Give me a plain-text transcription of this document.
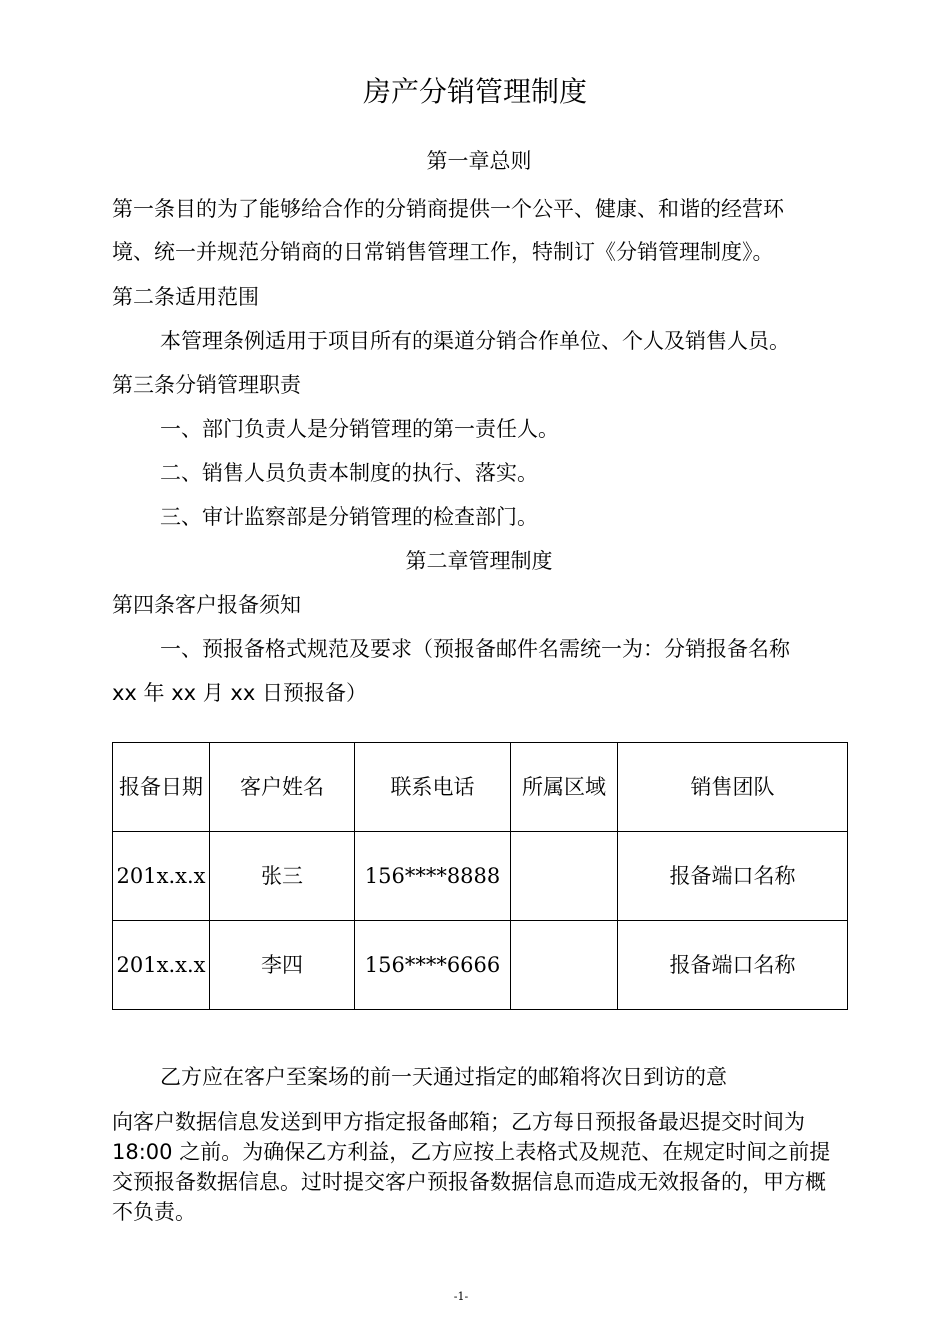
房产分销管理制度
第一章总则
第一条目的为了能够给合作的分销商提供一个公平、健康、和谐的经营环
境、统一并规范分销商的日常销售管理工作，特制订《分销管理制度》。
第二条适用范围
本管理条例适用于项目所有的渠道分销合作单位、个人及销售人员。
第三条分销管理职责
一、部门负责人是分销管理的第一责任人。
二、销售人员负责本制度的执行、落实。
三、审计监察部是分销管理的检查部门。
第二章管理制度
第四条客户报备须知
一、预报备格式规范及要求（预报备邮件名需统一为：分销报备名称
xx 年 xx 月 xx 日预报备）
报备日期	客户姓名	联系电话	所属区域	销售团队
201x.x.x	张三	156****8888		报备端口名称
201x.x.x	李四	156****6666		报备端口名称
乙方应在客户至案场的前一天通过指定的邮箱将次日到访的意
向客户数据信息发送到甲方指定报备邮箱；乙方每日预报备最迟提交时间为 18:00 之前。为确保乙方利益，乙方应按上表格式及规范、在规定时间之前提交预报备数据信息。过时提交客户预报备数据信息而造成无效报备的，甲方概不负责。
-1-
